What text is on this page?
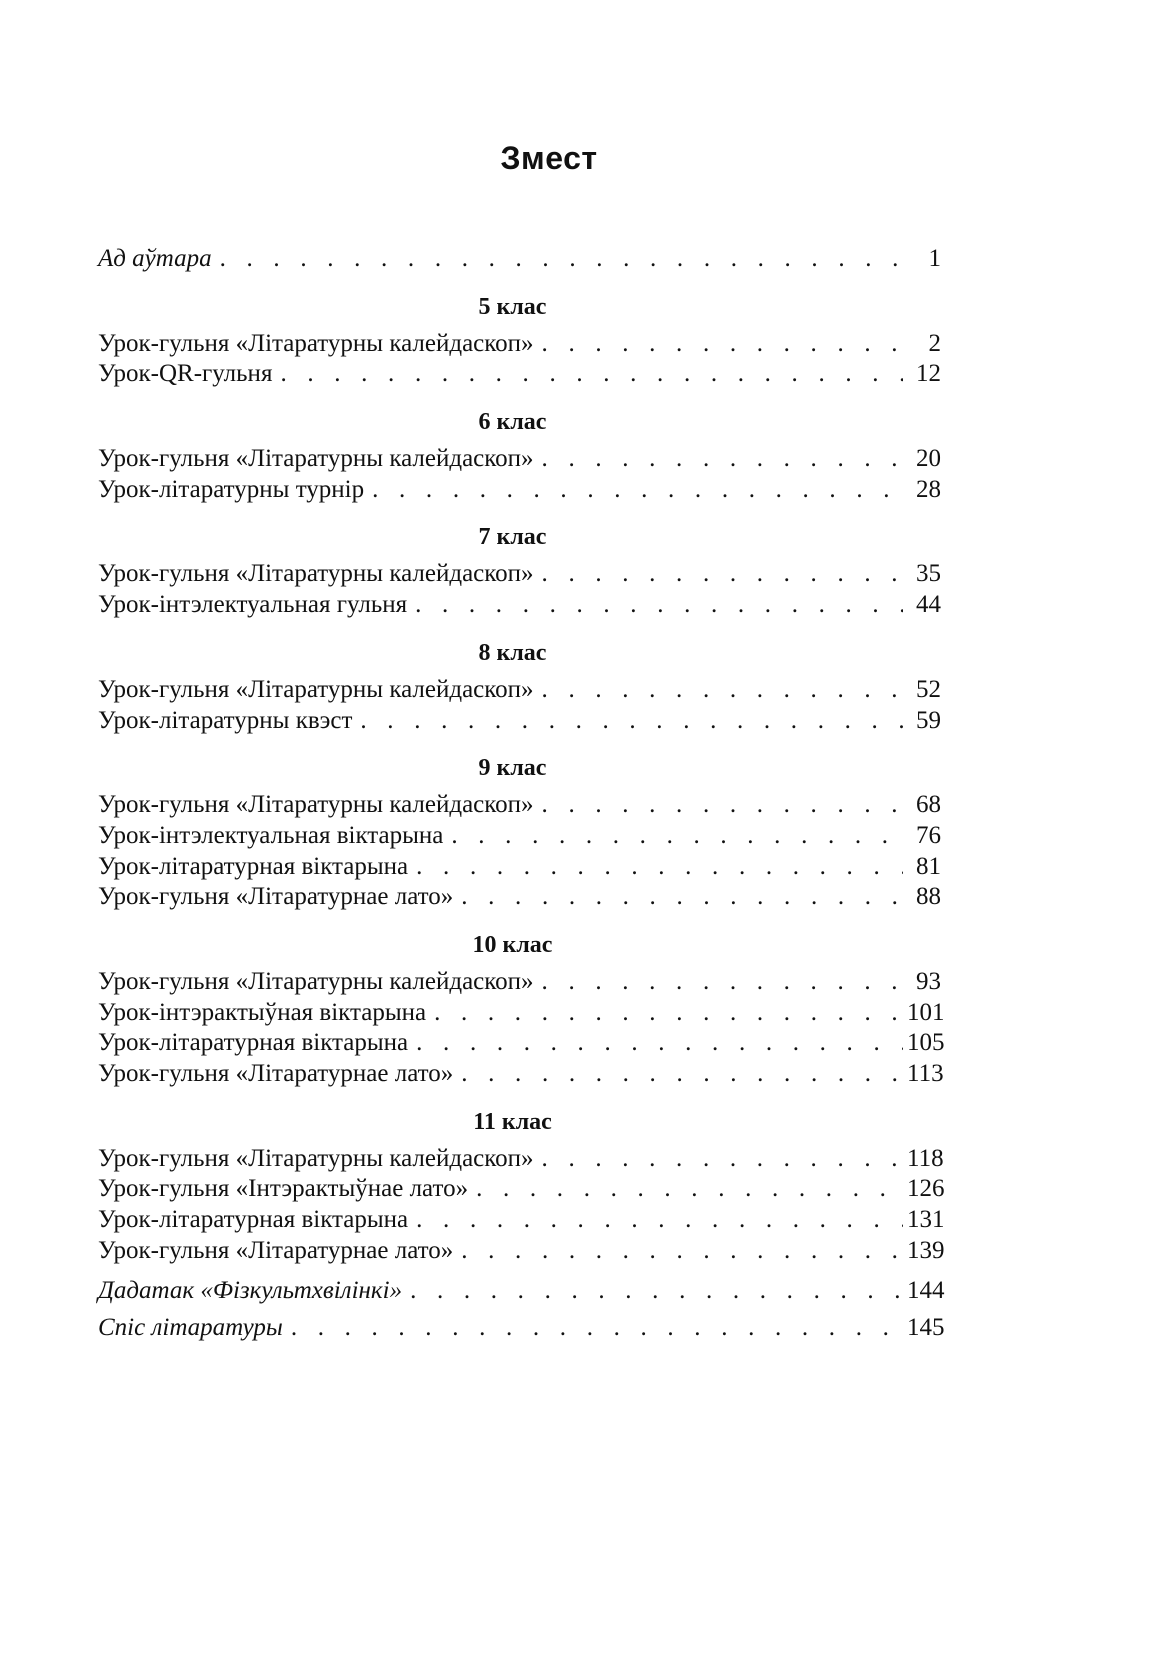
Змест
Ад аўтара . . .	1
5 клас
Урок-гульня «Літаратурны калейдаскоп» . . .	2
Урок-QR-гульня . . .	12
6 клас
Урок-гульня «Літаратурны калейдаскоп» . . .	20
Урок-літаратурны турнір . . .	28
7 клас
Урок-гульня «Літаратурны калейдаскоп» . . .	35
Урок-інтэлектуальная гульня . . .	44
8 клас
Урок-гульня «Літаратурны калейдаскоп» . . .	52
Урок-літаратурны квэст . . .	59
9 клас
Урок-гульня «Літаратурны калейдаскоп» . . .	68
Урок-інтэлектуальная віктарына . . .	76
Урок-літаратурная віктарына . . .	81
Урок-гульня «Літаратурнае лато» . . .	88
10 клас
Урок-гульня «Літаратурны калейдаскоп» . . .	93
Урок-інтэрактыўная віктарына . . .	101
Урок-літаратурная віктарына . . .	105
Урок-гульня «Літаратурнае лато» . . .	113
11 клас
Урок-гульня «Літаратурны калейдаскоп» . . .	118
Урок-гульня «Інтэрактыўнае лато» . . .	126
Урок-літаратурная віктарына . . .	131
Урок-гульня «Літаратурнае лато» . . .	139
Дадатак «Фізкультхвілінкі» . . .	144
Спіс літаратуры . . .	145
